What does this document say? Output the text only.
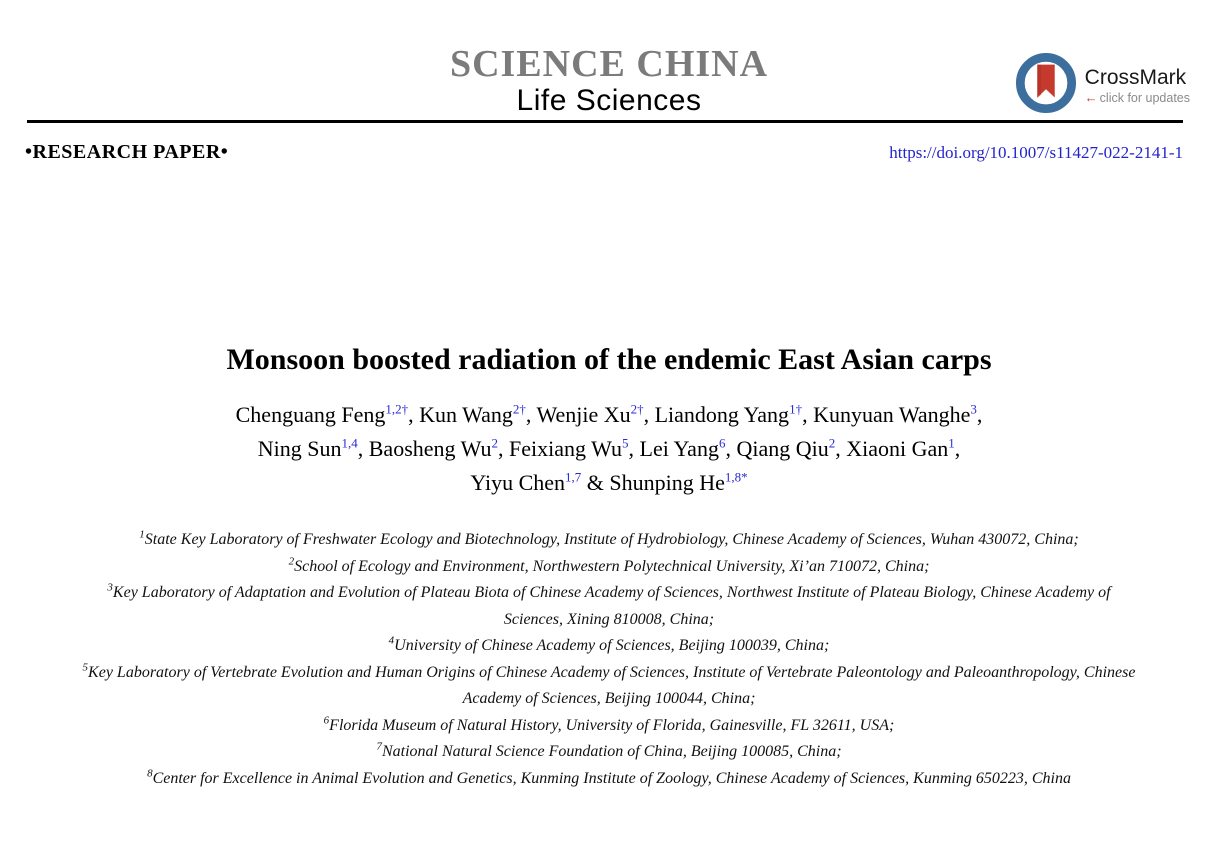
SCIENCE CHINA
Life Sciences
CrossMark
← click for updates
•RESEARCH PAPER•	https://doi.org/10.1007/s11427-022-2141-1
Monsoon boosted radiation of the endemic East Asian carps
Chenguang Feng$^{1,2\dagger}$, Kun Wang$^{2\dagger}$, Wenjie $Xu^{2\dagger}$, Liandong Yang$^{1\dagger}$, Kunyuan Wanghe$^3$,
Ning Sun$^{1,4}$, Baosheng Wu$^2$, Feixiang Wu$^5$, Lei Yang$^6$, Qiang Qiu$^2$, Xiaoni Gan$^1$,
Yiyu Chen$^{1,7}$ & Shunping $He^{1,8*}$
$^1$State Key Laboratory of Freshwater Ecology and Biotechnology, Institute of Hydrobiology, Chinese Academy of Sciences, Wuhan 430072, China;
$^2$School of Ecology and Environment, Northwestern Polytechnical University, Xi’an 710072, China;
$^3$Key Laboratory of Adaptation and Evolution of Plateau Biota of Chinese Academy of Sciences, Northwest Institute of Plateau Biology, Chinese Academy of Sciences, Xining 810008, China;
$^4$University of Chinese Academy of Sciences, Beijing 100039, China;
$^5$Key Laboratory of Vertebrate Evolution and Human Origins of Chinese Academy of Sciences, Institute of Vertebrate Paleontology and Paleoanthropology, Chinese Academy of Sciences, Beijing 100044, China;
$^6$Florida Museum of Natural History, University of Florida, Gainesville, FL 32611, USA;
$^7$National Natural Science Foundation of China, Beijing 100085, China;
$^8$Center for Excellence in Animal Evolution and Genetics, Kunming Institute of Zoology, Chinese Academy of Sciences, Kunming 650223, China
